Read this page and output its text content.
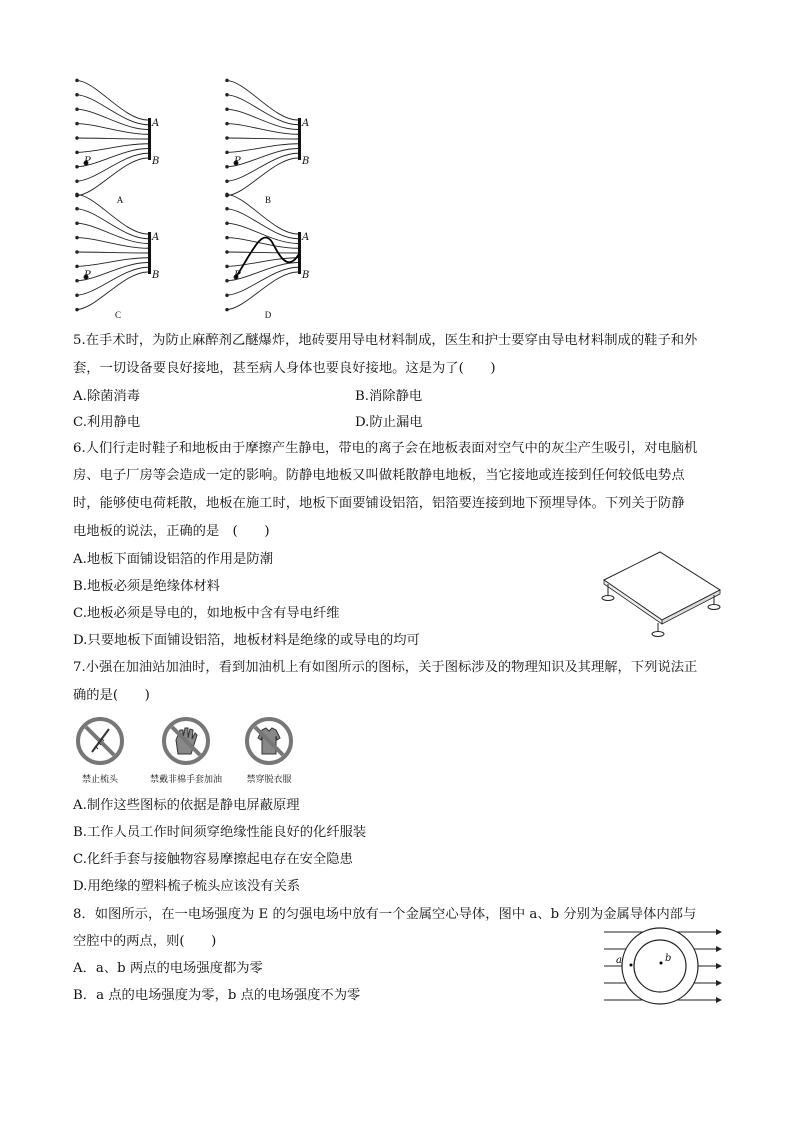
A
B
P
A
A
B
P
B
A
B
P
C
A
B
P
D
5.在手术时，为防止麻醉剂乙醚爆炸，地砖要用导电材料制成，医生和护士要穿由导电材料制成的鞋子和外
套，一切设备要良好接地，甚至病人身体也要良好接地。这是为了(　　)
A.除菌消毒	B.消除静电
C.利用静电	D.防止漏电
6.人们行走时鞋子和地板由于摩擦产生静电，带电的离子会在地板表面对空气中的灰尘产生吸引，对电脑机
房、电子厂房等会造成一定的影响。防静电地板又叫做耗散静电地板，当它接地或连接到任何较低电势点
时，能够使电荷耗散，地板在施工时，地板下面要铺设铝箔，铝箔要连接到地下预埋导体。下列关于防静
电地板的说法，正确的是　(　　)
A.地板下面铺设铝箔的作用是防潮
B.地板必须是绝缘体材料
C.地板必须是导电的，如地板中含有导电纤维
D.只要地板下面铺设铝箔，地板材料是绝缘的或导电的均可
7.小强在加油站加油时，看到加油机上有如图所示的图标，关于图标涉及的物理知识及其理解，下列说法正
确的是(　　)
禁止梳头	禁戴非棉手套加油	禁穿脱衣服
A.制作这些图标的依据是静电屏蔽原理
B.工作人员工作时间须穿绝缘性能良好的化纤服装
C.化纤手套与接触物容易摩擦起电存在安全隐患
D.用绝缘的塑料梳子梳头应该没有关系
8．如图所示，在一电场强度为 E 的匀强电场中放有一个金属空心导体，图中 a、b 分别为金属导体内部与
空腔中的两点，则(　　)
A．a、b 两点的电场强度都为零
B．a 点的电场强度为零，b 点的电场强度不为零
a	b
